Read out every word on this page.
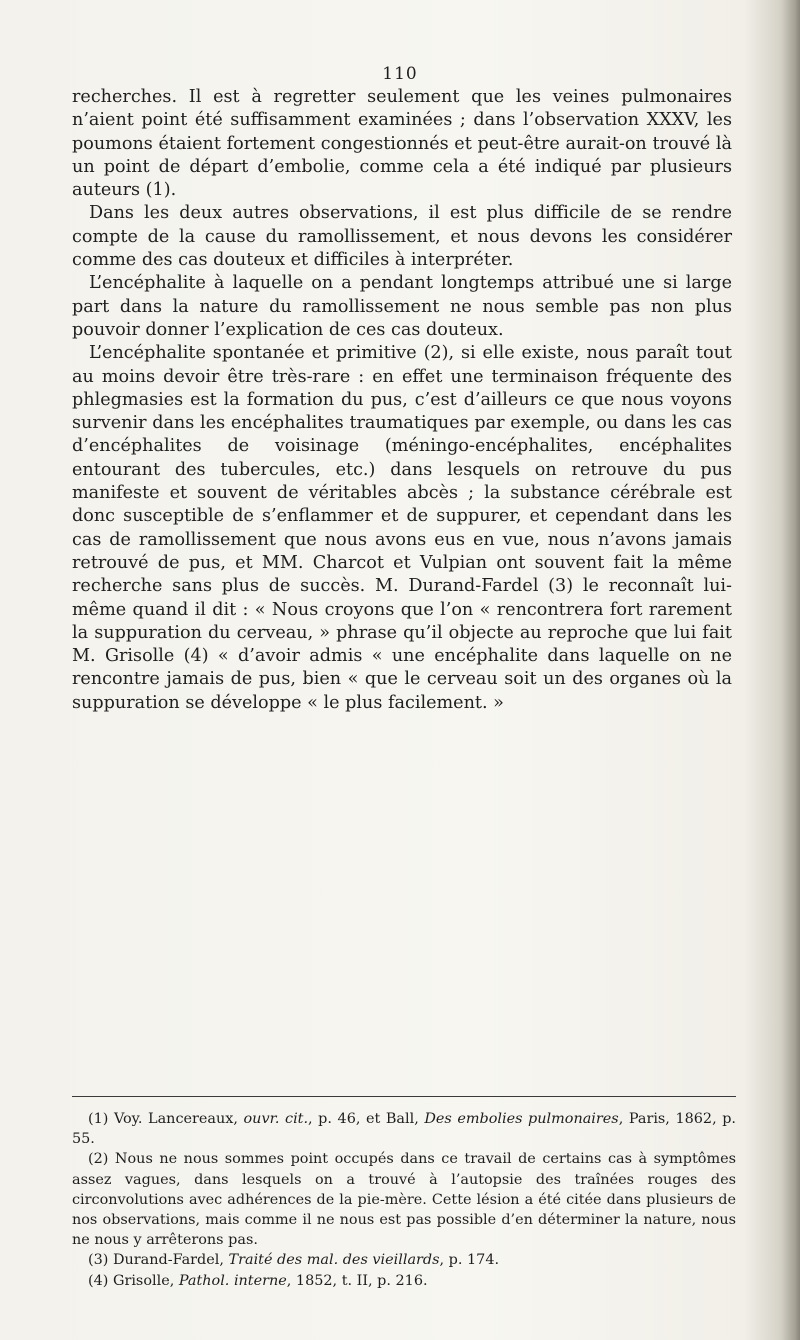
110

recherches. Il est à regretter seulement que les veines pulmonaires n’aient point été suffisamment examinées ; dans l’observation XXXV, les poumons étaient fortement congestionnés et peut-être aurait-on trouvé là un point de départ d’embolie, comme cela a été indiqué par plusieurs auteurs (1).

Dans les deux autres observations, il est plus difficile de se rendre compte de la cause du ramollissement, et nous devons les considérer comme des cas douteux et difficiles à interpréter.

L’encéphalite à laquelle on a pendant longtemps attribué une si large part dans la nature du ramollissement ne nous semble pas non plus pouvoir donner l’explication de ces cas douteux.

L’encéphalite spontanée et primitive (2), si elle existe, nous paraît tout au moins devoir être très-rare : en effet une terminaison fréquente des phlegmasies est la formation du pus, c’est d’ailleurs ce que nous voyons survenir dans les encéphalites traumatiques par exemple, ou dans les cas d’encéphalites de voisinage (méningo-encéphalites, encéphalites entourant des tubercules, etc.) dans lesquels on retrouve du pus manifeste et souvent de véritables abcès ; la substance cérébrale est donc susceptible de s’enflammer et de suppurer, et cependant dans les cas de ramollissement que nous avons eus en vue, nous n’avons jamais retrouvé de pus, et MM. Charcot et Vulpian ont souvent fait la même recherche sans plus de succès. M. Durand-Fardel (3) le reconnaît lui-même quand il dit : « Nous croyons que l’on « rencontrera fort rarement la suppuration du cerveau, » phrase qu’il objecte au reproche que lui fait M. Grisolle (4) « d’avoir admis « une encéphalite dans laquelle on ne rencontre jamais de pus, bien « que le cerveau soit un des organes où la suppuration se développe « le plus facilement. »

(1) Voy. Lancereaux, ouvr. cit., p. 46, et Ball, Des embolies pulmonaires, Paris, 1862, p. 55.

(2) Nous ne nous sommes point occupés dans ce travail de certains cas à symptômes assez vagues, dans lesquels on a trouvé à l’autopsie des traînées rouges des circonvolutions avec adhérences de la pie-mère. Cette lésion a été citée dans plusieurs de nos observations, mais comme il ne nous est pas possible d’en déterminer la nature, nous ne nous y arrêterons pas.

(3) Durand-Fardel, Traité des mal. des vieillards, p. 174.

(4) Grisolle, Pathol. interne, 1852, t. II, p. 216.
